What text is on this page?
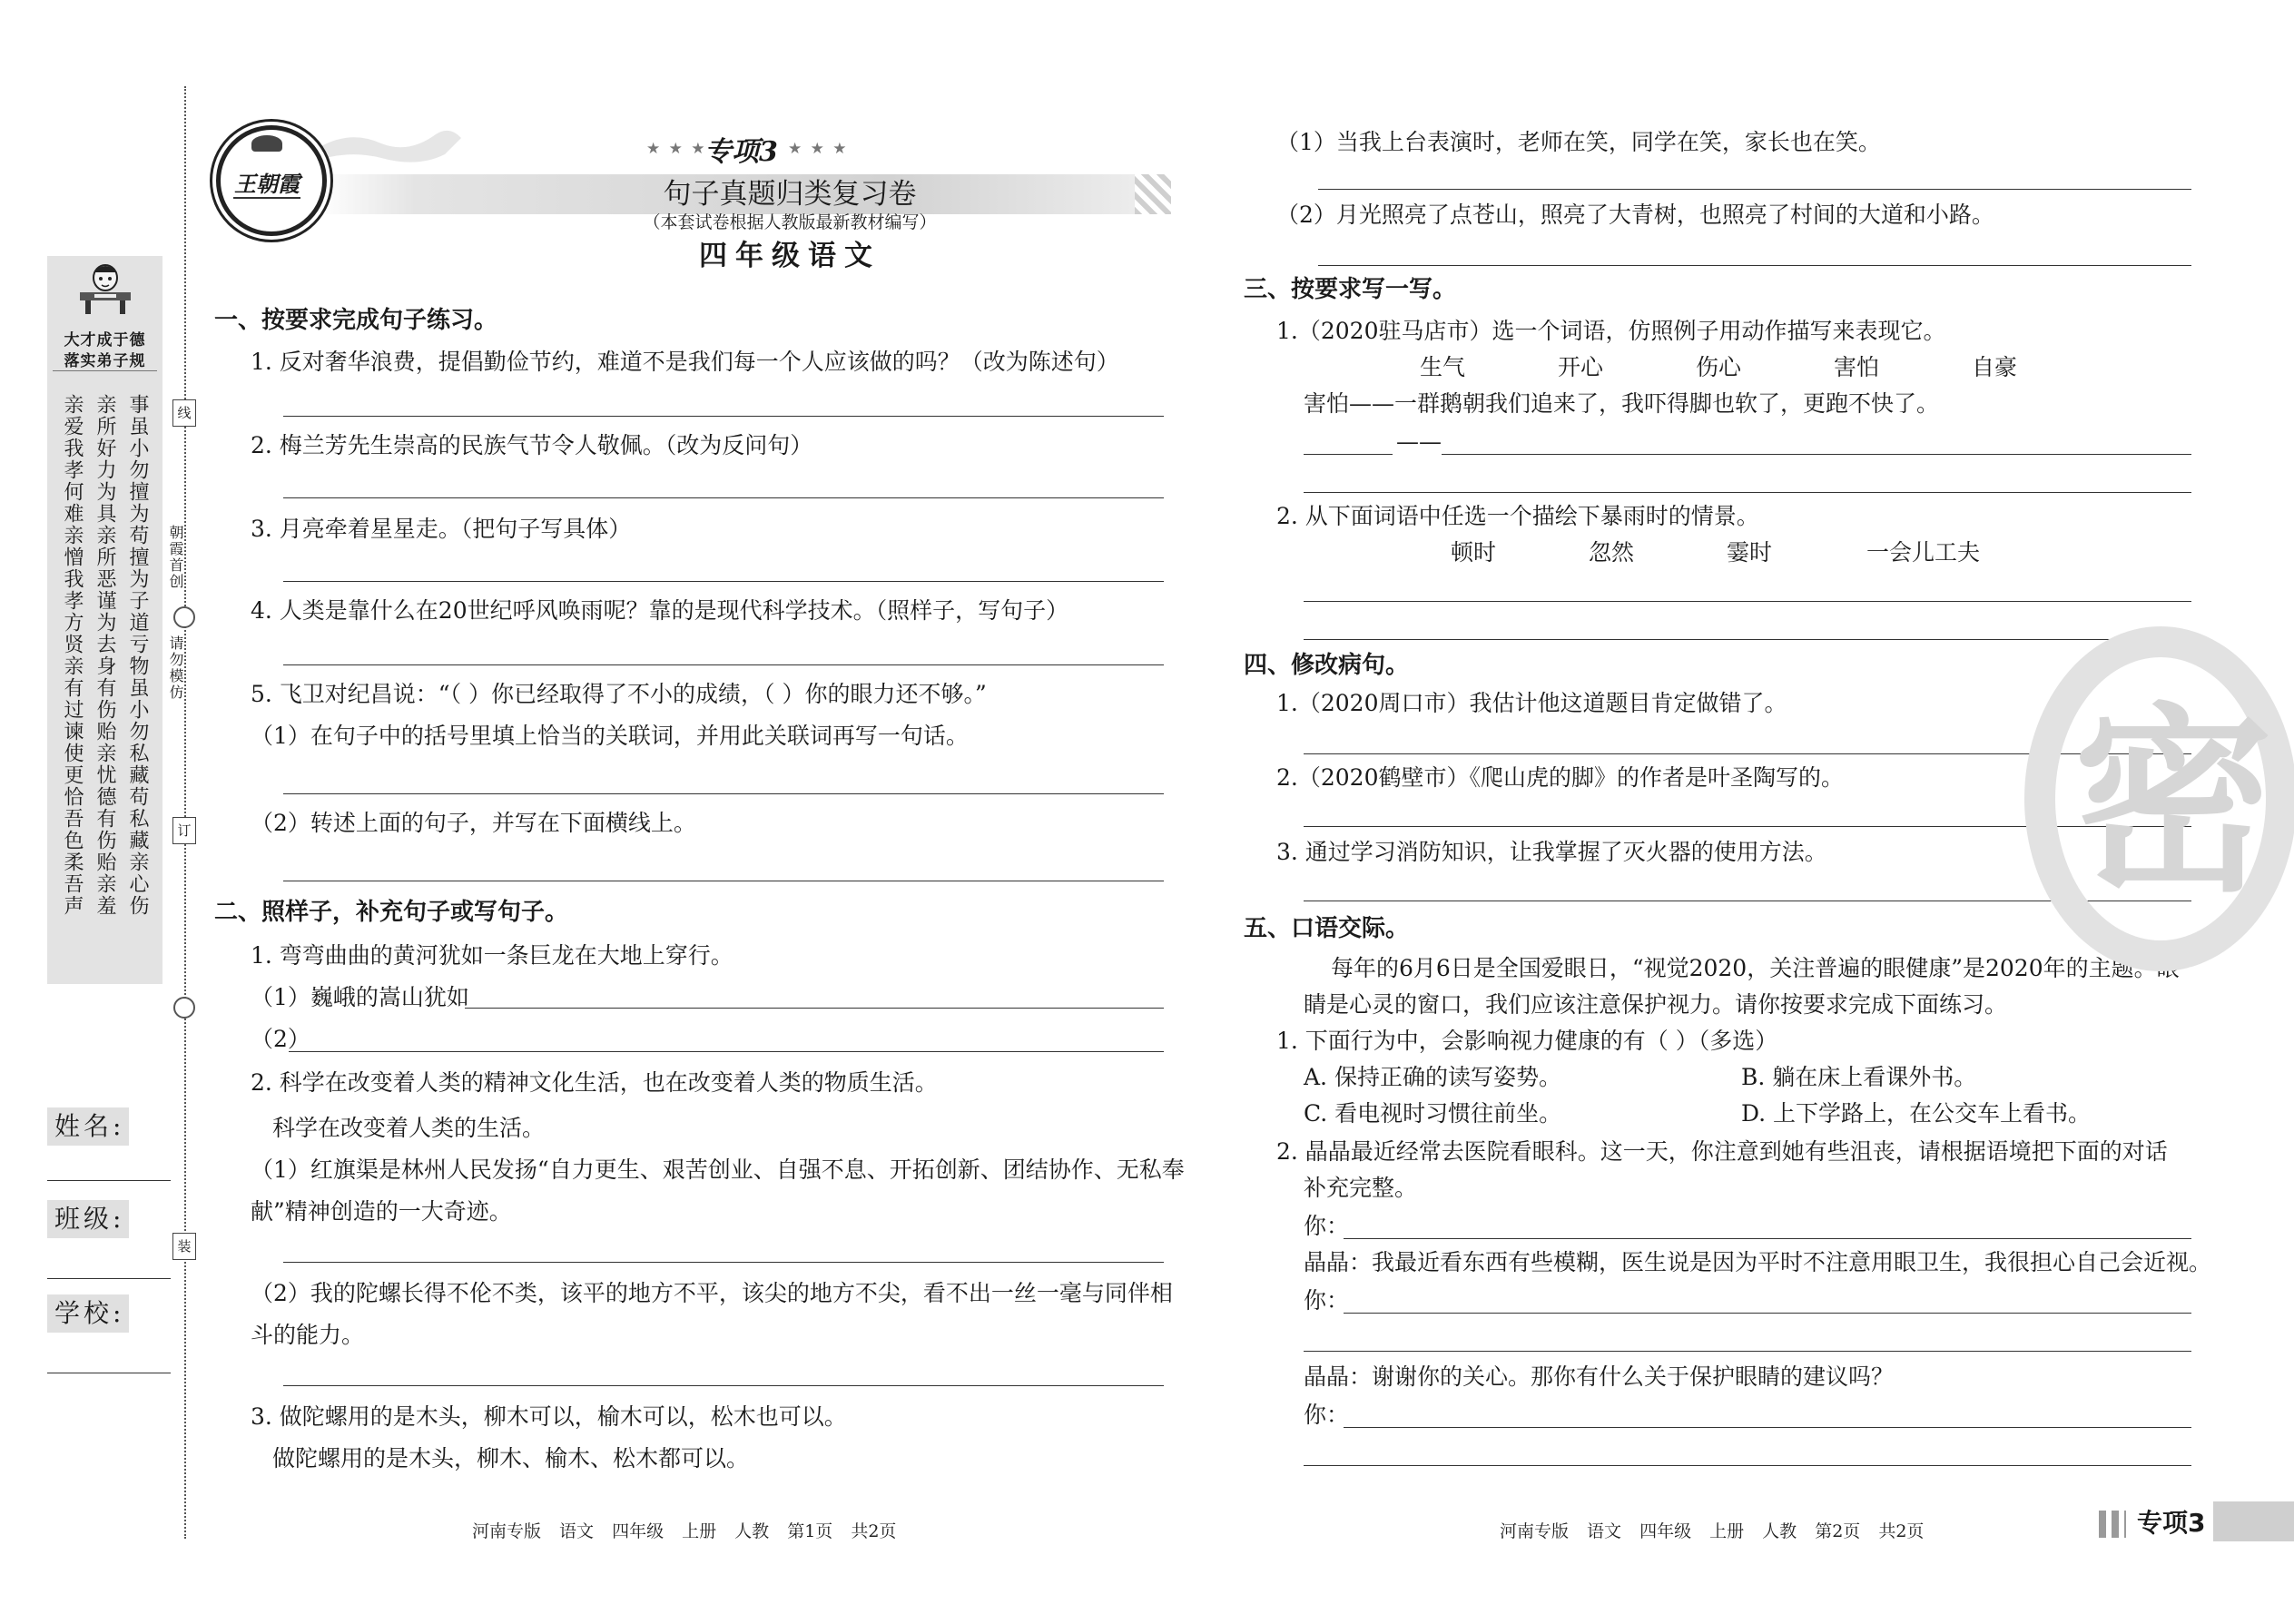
大才成于德
落实弟子规
亲爱我孝何难亲憎我孝方贤亲有过谏使更恰吾色柔吾声 亲所好力为具亲所恶谨为去身有伤贻亲忧德有伤贻亲羞 事虽小勿擅为苟擅为子道亏物虽小勿私藏苟私藏亲心伤	线
朝霞首创
请勿模仿
订
装
姓名:
班级:
学校:
王朝霞
★ ★ ★
专项3 ★ ★ ★
句子真题归类复习卷
（本套试卷根据人教版最新教材编写）
四年级语文
一、按要求完成句子练习。
1. 反对奢华浪费，提倡勤俭节约，难道不是我们每一个人应该做的吗？（改为陈述句）
2. 梅兰芳先生崇高的民族气节令人敬佩。（改为反问句）
3. 月亮牵着星星走。（把句子写具体）
4. 人类是靠什么在20世纪呼风唤雨呢？靠的是现代科学技术。（照样子，写句子）
5. 飞卫对纪昌说：“（ ）你已经取得了不小的成绩，（ ）你的眼力还不够。”
（1）在句子中的括号里填上恰当的关联词，并用此关联词再写一句话。
（2）转述上面的句子，并写在下面横线上。
二、照样子，补充句子或写句子。
1. 弯弯曲曲的黄河犹如一条巨龙在大地上穿行。
（1）巍峨的嵩山犹如
（2）
2. 科学在改变着人类的精神文化生活，也在改变着人类的物质生活。
科学在改变着人类的生活。
（1）红旗渠是林州人民发扬“自力更生、艰苦创业、自强不息、开拓创新、团结协作、无私奉
献”精神创造的一大奇迹。
（2）我的陀螺长得不伦不类，该平的地方不平，该尖的地方不尖，看不出一丝一毫与同伴相
斗的能力。
3. 做陀螺用的是木头，柳木可以，榆木可以，松木也可以。
做陀螺用的是木头，柳木、榆木、松木都可以。
河南专版 语文 四年级 上册 人教 第1页 共2页
（1）当我上台表演时，老师在笑，同学在笑，家长也在笑。
（2）月光照亮了点苍山，照亮了大青树，也照亮了村间的大道和小路。
三、按要求写一写。
1.（2020驻马店市）选一个词语，仿照例子用动作描写来表现它。
生气	开心	伤心	害怕	自豪
害怕——一群鹅朝我们追来了，我吓得脚也软了，更跑不快了。
——
2. 从下面词语中任选一个描绘下暴雨时的情景。
顿时	忽然	霎时	一会儿工夫
四、修改病句。
1.（2020周口市）我估计他这道题目肯定做错了。
2.（2020鹤壁市）《爬山虎的脚》的作者是叶圣陶写的。
3. 通过学习消防知识，让我掌握了灭火器的使用方法。
五、口语交际。
每年的6月6日是全国爱眼日，“视觉2020，关注普遍的眼健康”是2020年的主题。眼
睛是心灵的窗口，我们应该注意保护视力。请你按要求完成下面练习。
1. 下面行为中，会影响视力健康的有（ ）（多选）
A. 保持正确的读写姿势。	B. 躺在床上看课外书。
C. 看电视时习惯往前坐。	D. 上下学路上，在公交车上看书。
2. 晶晶最近经常去医院看眼科。这一天，你注意到她有些沮丧，请根据语境把下面的对话
补充完整。
你：
晶晶：我最近看东西有些模糊，医生说是因为平时不注意用眼卫生，我很担心自己会近视。
你：
晶晶：谢谢你的关心。那你有什么关于保护眼睛的建议吗？
你：
河南专版 语文 四年级 上册 人教 第2页 共2页	专项3
密
